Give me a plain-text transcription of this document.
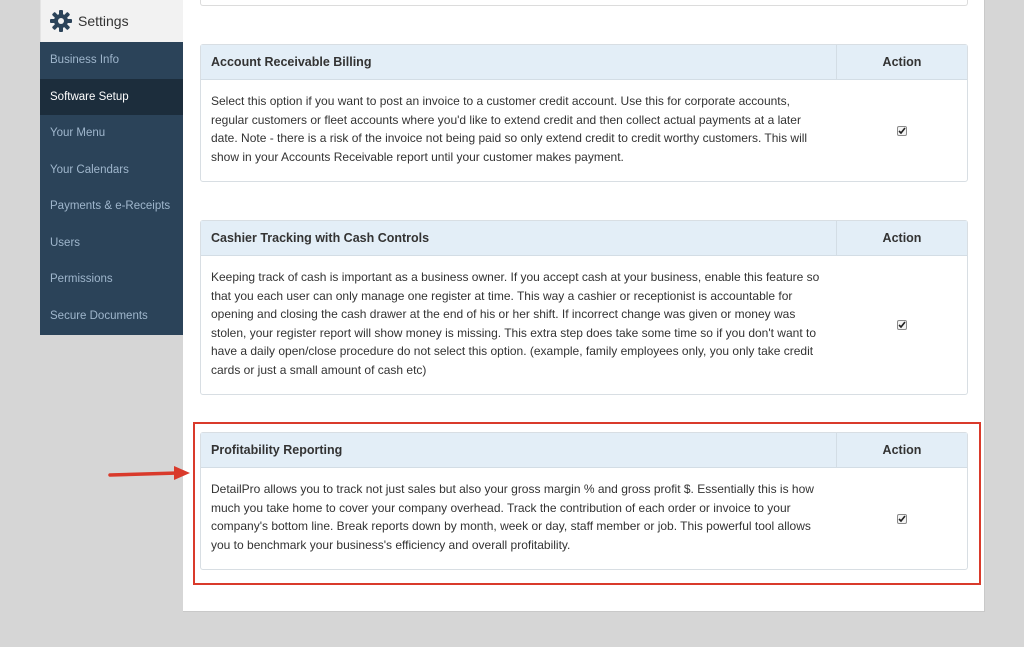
Settings
Business Info
Software Setup
Your Menu
Your Calendars
Payments & e-Receipts
Users
Permissions
Secure Documents
Account Receivable Billing	Action
Select this option if you want to post an invoice to a customer credit account. Use this for corporate accounts, regular customers or fleet accounts where you'd like to extend credit and then collect actual payments at a later date. Note - there is a risk of the invoice not being paid so only extend credit to credit worthy customers. This will show in your Accounts Receivable report until your customer makes payment.
Cashier Tracking with Cash Controls	Action
Keeping track of cash is important as a business owner. If you accept cash at your business, enable this feature so that you each user can only manage one register at time. This way a cashier or receptionist is accountable for opening and closing the cash drawer at the end of his or her shift. If incorrect change was given or money was stolen, your register report will show money is missing. This extra step does take some time so if you don't want to have a daily open/close procedure do not select this option. (example, family employees only, you only take credit cards or just a small amount of cash etc)
Profitability Reporting	Action
DetailPro allows you to track not just sales but also your gross margin % and gross profit $. Essentially this is how much you take home to cover your company overhead. Track the contribution of each order or invoice to your company's bottom line. Break reports down by month, week or day, staff member or job. This powerful tool allows you to benchmark your business's efficiency and overall profitability.
